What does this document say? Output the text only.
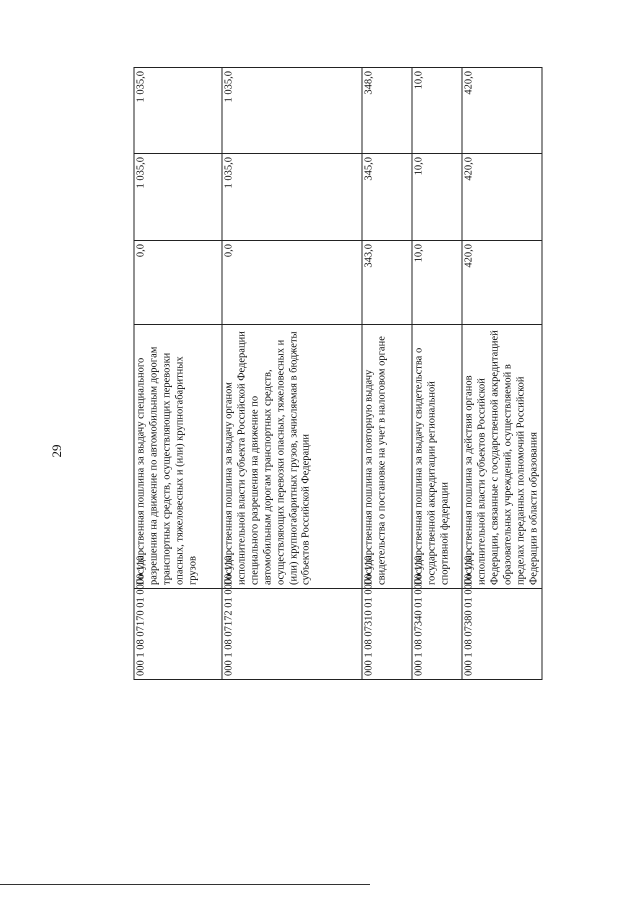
29
000 1 08 07170 01 0000 110	Государственная пошлина за выдачу специального разрешения на движение по автомобильным дорогам транспортных средств, осуществляющих перевозки опасных, тяжеловесных и (или) крупногабаритных грузов	0,0	1 035,0	1 035,0
000 1 08 07172 01 0000 110	Государственная пошлина за выдачу органом исполнительной власти субъекта Российской Федерации специального разрешения на движение по автомобильным дорогам транспортных средств, осуществляющих перевозки опасных, тяжеловесных и (или) крупногабаритных грузов, зачисляемая в бюджеты субъектов Российской Федерации	0,0	1 035,0	1 035,0
000 1 08 07310 01 0000 110	Государственная пошлина за повторную выдачу свидетельства о постановке на учет в налоговом органе	343,0	345,0	348,0
000 1 08 07340 01 0000 110	Государственная пошлина за выдачу свидетельства о государственной аккредитации региональной спортивной федерации	10,0	10,0	10,0
000 1 08 07380 01 0000 110	Государственная пошлина за действия органов исполнительной власти субъектов Российской Федерации, связанные с государственной аккредитацией образовательных учреждений, осуществляемой в пределах переданных полномочий Российской Федерации в области образования	420,0	420,0	420,0
